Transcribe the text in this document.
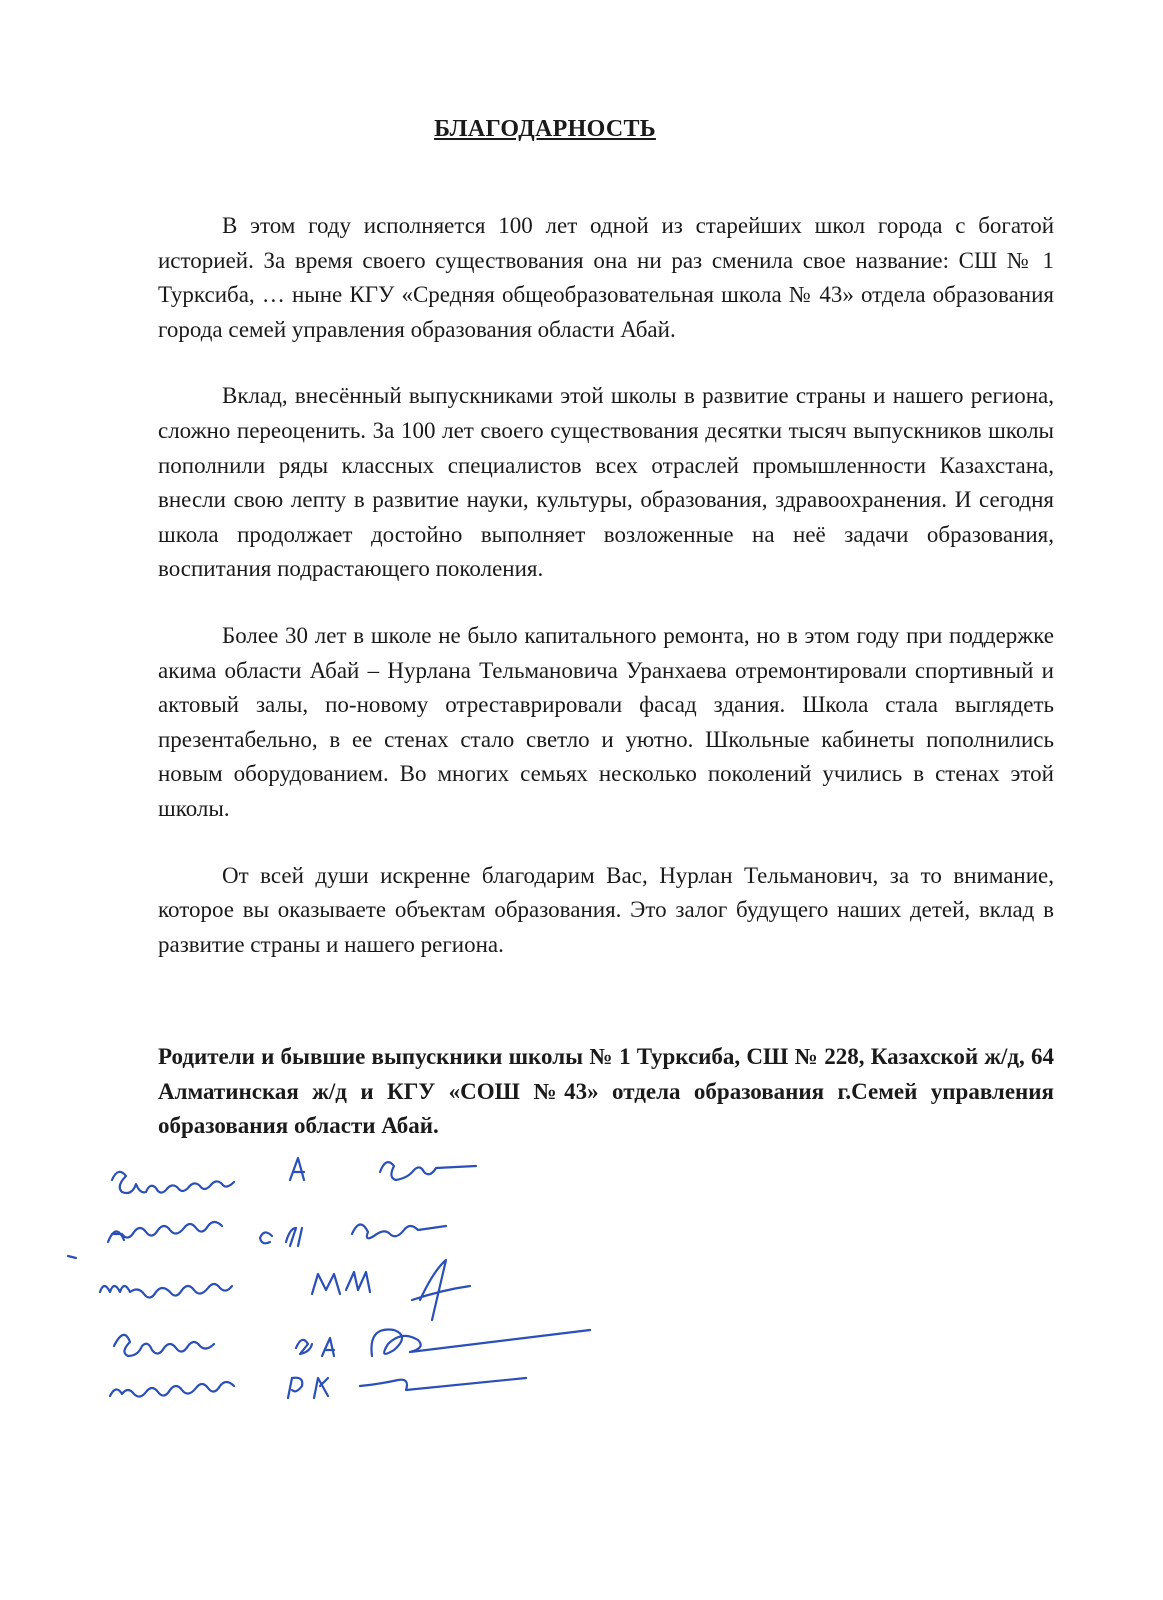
БЛАГОДАРНОСТЬ

В этом году исполняется 100 лет одной из старейших школ города с богатой историей. За время своего существования она ни раз сменила свое название: СШ № 1 Турксиба, … ныне КГУ «Средняя общеобразовательная школа № 43» отдела образования города семей управления образования области Абай.

Вклад, внесённый выпускниками этой школы в развитие страны и нашего региона, сложно переоценить. За 100 лет своего существования десятки тысяч выпускников школы пополнили ряды классных специалистов всех отраслей промышленности Казахстана, внесли свою лепту в развитие науки, культуры, образования, здравоохранения. И сегодня школа продолжает достойно выполняет возложенные на неё задачи образования, воспитания подрастающего поколения.

Более 30 лет в школе не было капитального ремонта, но в этом году при поддержке акима области Абай – Нурлана Тельмановича Уранхаева отремонтировали спортивный и актовый залы, по-новому отреставрировали фасад здания. Школа стала выглядеть презентабельно, в ее стенах стало светло и уютно. Школьные кабинеты пополнились новым оборудованием. Во многих семьях несколько поколений учились в стенах этой школы.

От всей души искренне благодарим Вас, Нурлан Тельманович, за то внимание, которое вы оказываете объектам образования. Это залог будущего наших детей, вклад в развитие страны и нашего региона.

Родители и бывшие выпускники школы № 1 Турксиба, СШ № 228, Казахской ж/д, 64 Алматинская ж/д и КГУ «СОШ №43» отдела образования г.Семей управления образования области Абай.
